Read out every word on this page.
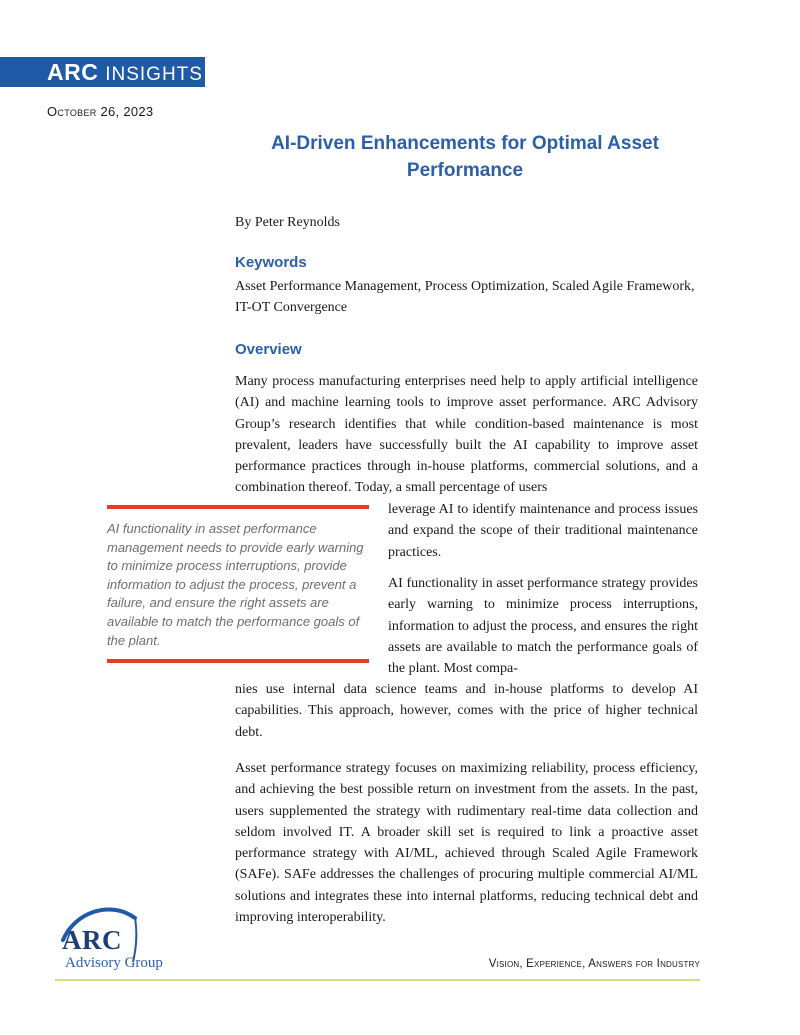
ARC INSIGHTS
October 26, 2023
AI-Driven Enhancements for Optimal Asset Performance
By Peter Reynolds
Keywords
Asset Performance Management, Process Optimization, Scaled Agile Framework, IT-OT Convergence
Overview

Many process manufacturing enterprises need help to apply artificial intelligence (AI) and machine learning tools to improve asset performance. ARC Advisory Group’s research identifies that while condition-based maintenance is most prevalent, leaders have successfully built the AI capability to improve asset performance practices through in-house platforms, commercial solutions, and a combination thereof. Today, a small percentage of users

leverage AI to identify maintenance and process issues and expand the scope of their traditional maintenance practices.

AI functionality in asset performance management needs to provide early warning to minimize process interruptions, provide information to adjust the process, prevent a failure, and ensure the right assets are available to match the performance goals of the plant.

AI functionality in asset performance strategy provides early warning to minimize process interruptions, information to adjust the process, and ensures the right assets are available to match the performance goals of the plant. Most compa-

nies use internal data science teams and in-house platforms to develop AI capabilities. This approach, however, comes with the price of higher technical debt.

Asset performance strategy focuses on maximizing reliability, process efficiency, and achieving the best possible return on investment from the assets. In the past, users supplemented the strategy with rudimentary real-time data collection and seldom involved IT. A broader skill set is required to link a proactive asset performance strategy with AI/ML, achieved through Scaled Agile Framework (SAFe). SAFe addresses the challenges of procuring multiple commercial AI/ML solutions and integrates these into internal platforms, reducing technical debt and improving interoperability.

ARC
Advisory Group	Vision, Experience, Answers for Industry
